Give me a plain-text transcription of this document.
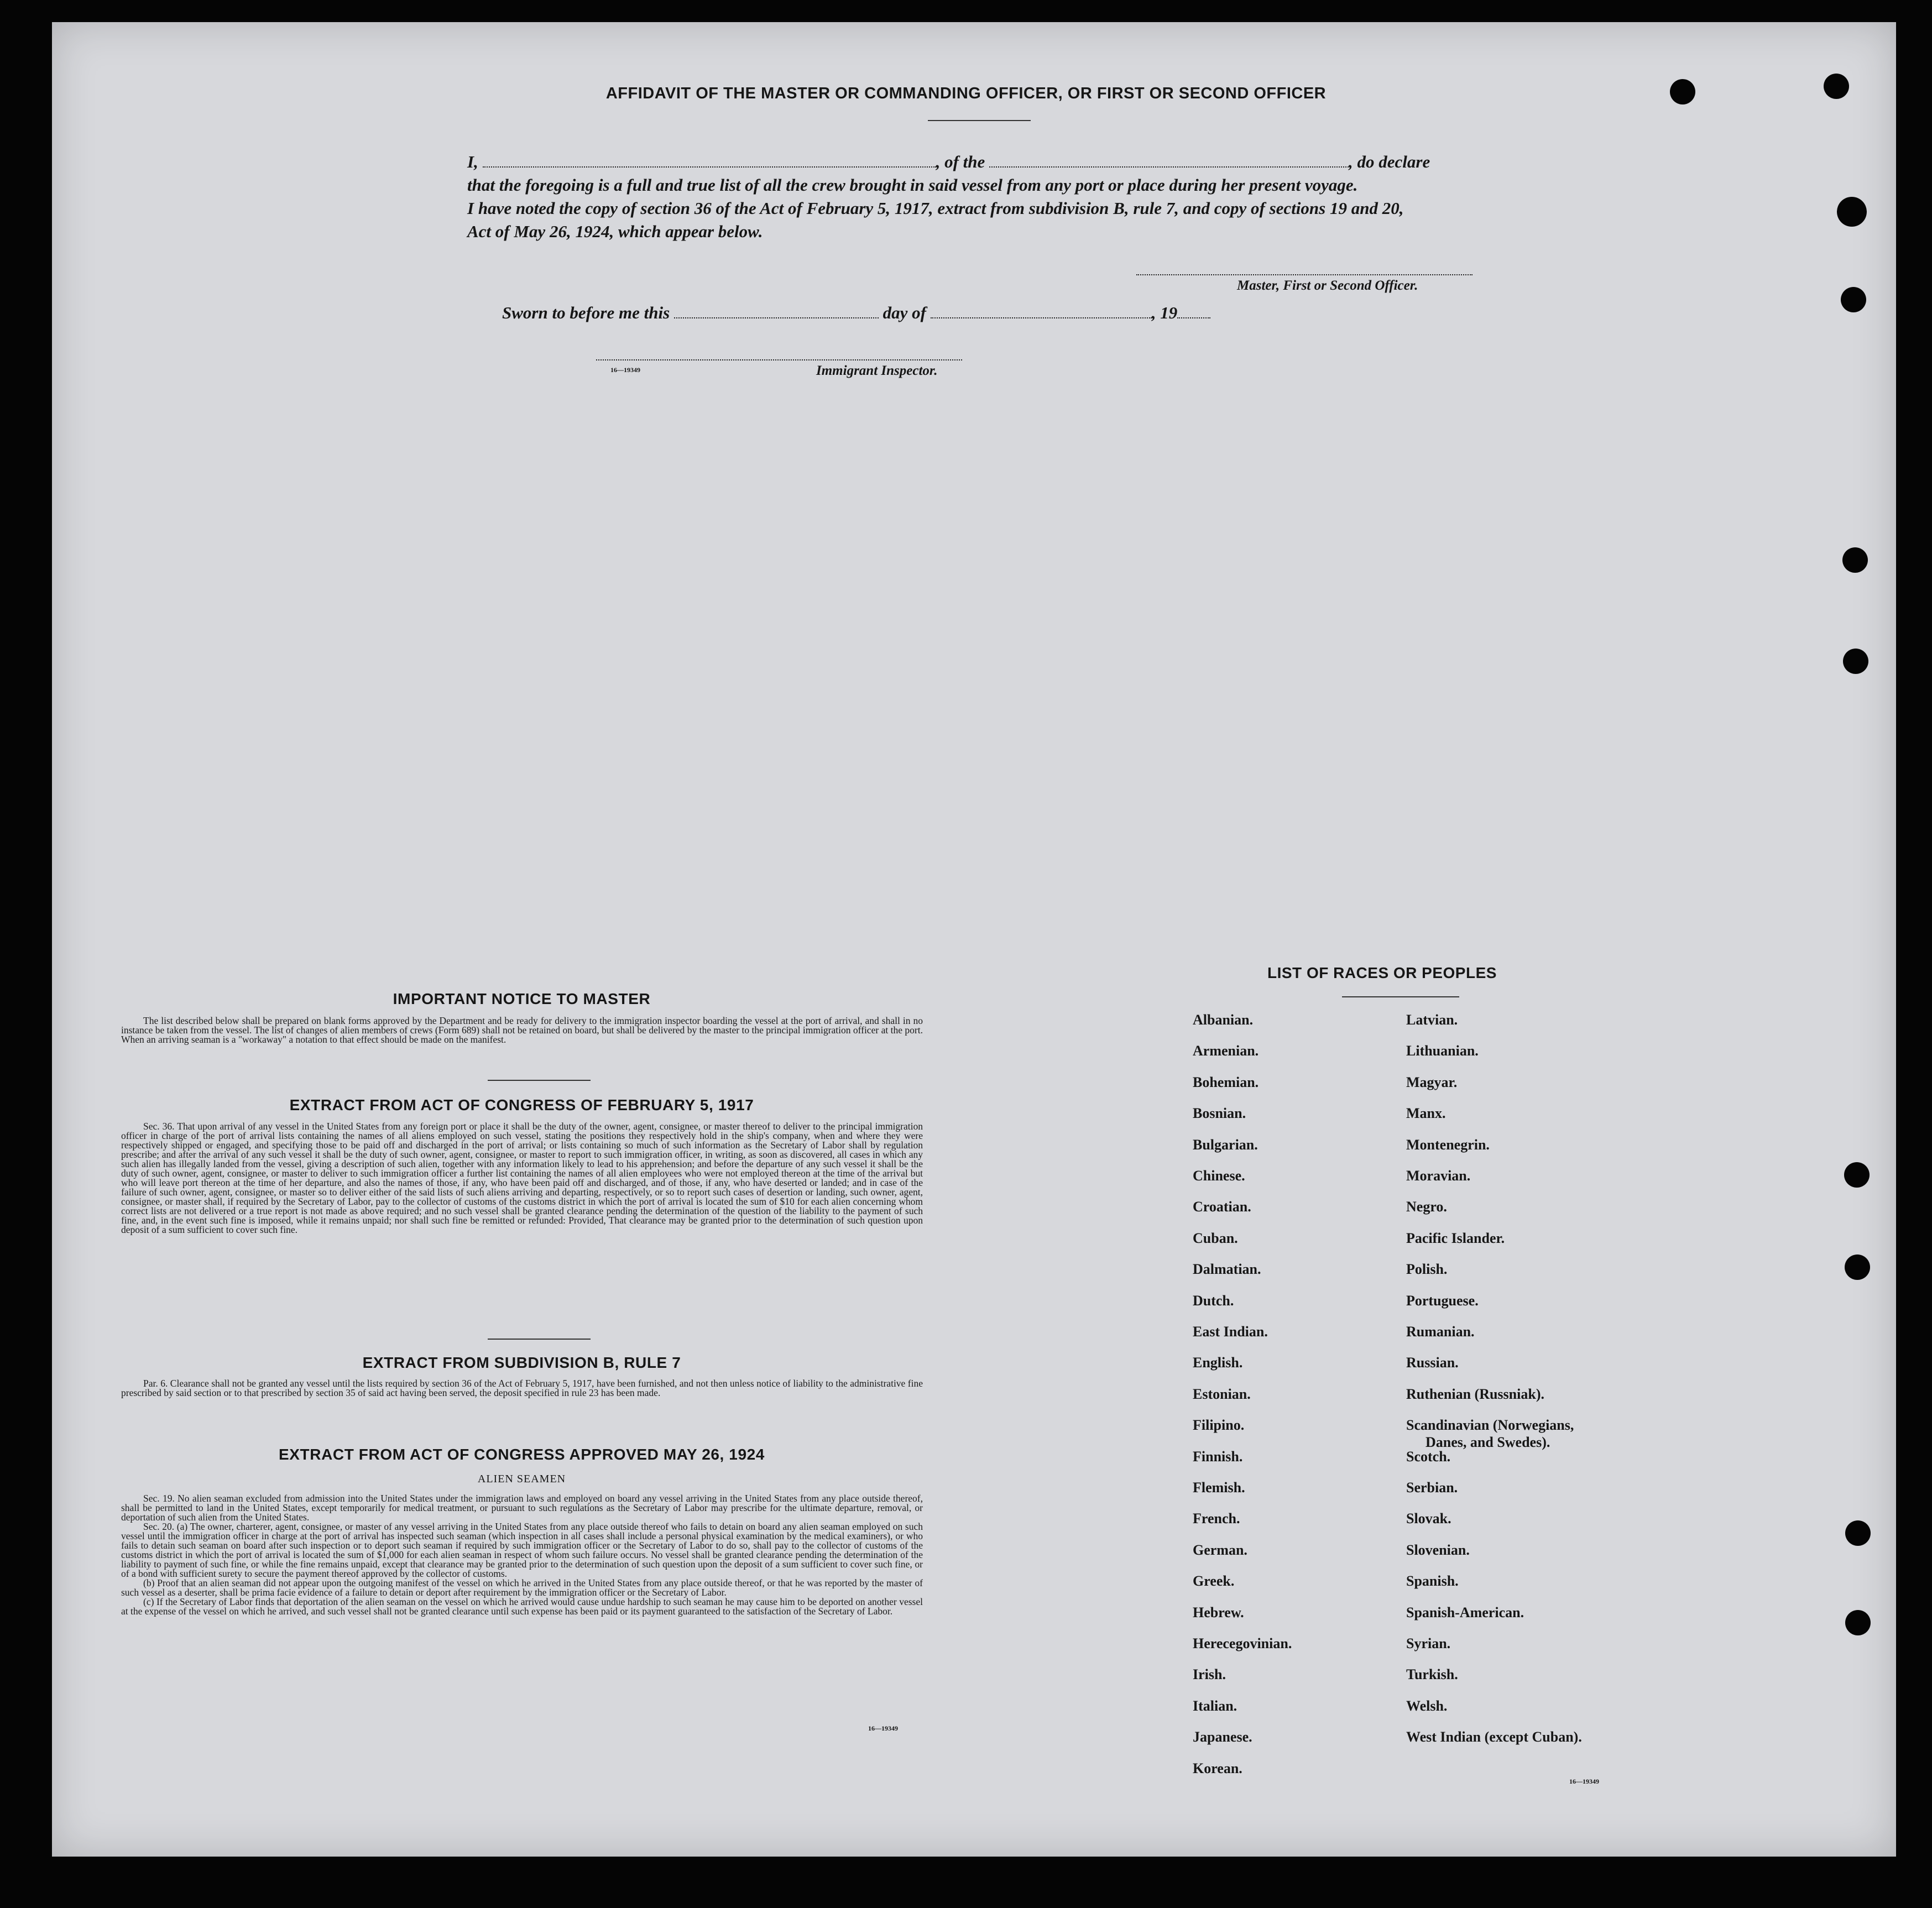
AFFIDAVIT OF THE MASTER OR COMMANDING OFFICER, OR FIRST OR SECOND OFFICER
I,	, of the	, do declare
that the foregoing is a full and true list of all the crew brought in said vessel from any port or place during her present voyage.
I have noted the copy of section 36 of the Act of February 5, 1917, extract from subdivision B, rule 7, and copy of sections 19 and 20,
Act of May 26, 1924, which appear below.
Master, First or Second Officer.
Sworn to before me this	day of	, 19
16—19349	Immigrant Inspector.
IMPORTANT NOTICE TO MASTER

The list described below shall be prepared on blank forms approved by the Department and be ready for delivery to the immigration inspector boarding the vessel at the port of arrival, and shall in no instance be taken from the vessel. The list of changes of alien members of crews (Form 689) shall not be retained on board, but shall be delivered by the master to the principal immigration officer at the port. When an arriving seaman is a "workaway" a notation to that effect should be made on the manifest.

EXTRACT FROM ACT OF CONGRESS OF FEBRUARY 5, 1917

Sec. 36. That upon arrival of any vessel in the United States from any foreign port or place it shall be the duty of the owner, agent, consignee, or master thereof to deliver to the principal immigration officer in charge of the port of arrival lists containing the names of all aliens employed on such vessel, stating the positions they respectively hold in the ship's company, when and where they were respectively shipped or engaged, and specifying those to be paid off and discharged in the port of arrival; or lists containing so much of such information as the Secretary of Labor shall by regulation prescribe; and after the arrival of any such vessel it shall be the duty of such owner, agent, consignee, or master to report to such immigration officer, in writing, as soon as discovered, all cases in which any such alien has illegally landed from the vessel, giving a description of such alien, together with any information likely to lead to his apprehension; and before the departure of any such vessel it shall be the duty of such owner, agent, consignee, or master to deliver to such immigration officer a further list containing the names of all alien employees who were not employed thereon at the time of the arrival but who will leave port thereon at the time of her departure, and also the names of those, if any, who have been paid off and discharged, and of those, if any, who have deserted or landed; and in case of the failure of such owner, agent, consignee, or master so to deliver either of the said lists of such aliens arriving and departing, respectively, or so to report such cases of desertion or landing, such owner, agent, consignee, or master shall, if required by the Secretary of Labor, pay to the collector of customs of the customs district in which the port of arrival is located the sum of $10 for each alien concerning whom correct lists are not delivered or a true report is not made as above required; and no such vessel shall be granted clearance pending the determination of the question of the liability to the payment of such fine, and, in the event such fine is imposed, while it remains unpaid; nor shall such fine be remitted or refunded: Provided, That clearance may be granted prior to the determination of such question upon deposit of a sum sufficient to cover such fine.

EXTRACT FROM SUBDIVISION B, RULE 7

Par. 6. Clearance shall not be granted any vessel until the lists required by section 36 of the Act of February 5, 1917, have been furnished, and not then unless notice of liability to the administrative fine prescribed by said section or to that prescribed by section 35 of said act having been served, the deposit specified in rule 23 has been made.

EXTRACT FROM ACT OF CONGRESS APPROVED MAY 26, 1924
ALIEN SEAMEN

Sec. 19. No alien seaman excluded from admission into the United States under the immigration laws and employed on board any vessel arriving in the United States from any place outside thereof, shall be permitted to land in the United States, except temporarily for medical treatment, or pursuant to such regulations as the Secretary of Labor may prescribe for the ultimate departure, removal, or deportation of such alien from the United States.

Sec. 20. (a) The owner, charterer, agent, consignee, or master of any vessel arriving in the United States from any place outside thereof who fails to detain on board any alien seaman employed on such vessel until the immigration officer in charge at the port of arrival has inspected such seaman (which inspection in all cases shall include a personal physical examination by the medical examiners), or who fails to detain such seaman on board after such inspection or to deport such seaman if required by such immigration officer or the Secretary of Labor to do so, shall pay to the collector of customs of the customs district in which the port of arrival is located the sum of $1,000 for each alien seaman in respect of whom such failure occurs. No vessel shall be granted clearance pending the determination of the liability to payment of such fine, or while the fine remains unpaid, except that clearance may be granted prior to the determination of such question upon the deposit of a sum sufficient to cover such fine, or of a bond with sufficient surety to secure the payment thereof approved by the collector of customs.

(b) Proof that an alien seaman did not appear upon the outgoing manifest of the vessel on which he arrived in the United States from any place outside thereof, or that he was reported by the master of such vessel as a deserter, shall be prima facie evidence of a failure to detain or deport after requirement by the immigration officer or the Secretary of Labor.

(c) If the Secretary of Labor finds that deportation of the alien seaman on the vessel on which he arrived would cause undue hardship to such seaman he may cause him to be deported on another vessel at the expense of the vessel on which he arrived, and such vessel shall not be granted clearance until such expense has been paid or its payment guaranteed to the satisfaction of the Secretary of Labor.

16—19349
LIST OF RACES OR PEOPLES
Albanian.
Armenian.
Bohemian.
Bosnian.
Bulgarian.
Chinese.
Croatian.
Cuban.
Dalmatian.
Dutch.
East Indian.
English.
Estonian.
Filipino.
Finnish.
Flemish.
French.
German.
Greek.
Hebrew.
Herecegovinian.
Irish.
Italian.
Japanese.
Korean.
Latvian.
Lithuanian.
Magyar.
Manx.
Montenegrin.
Moravian.
Negro.
Pacific Islander.
Polish.
Portuguese.
Rumanian.
Russian.
Ruthenian (Russniak).
Scandinavian (Norwegians,
Danes, and Swedes).
Scotch.
Serbian.
Slovak.
Slovenian.
Spanish.
Spanish-American.
Syrian.
Turkish.
Welsh.
West Indian (except Cuban).
16—19349
